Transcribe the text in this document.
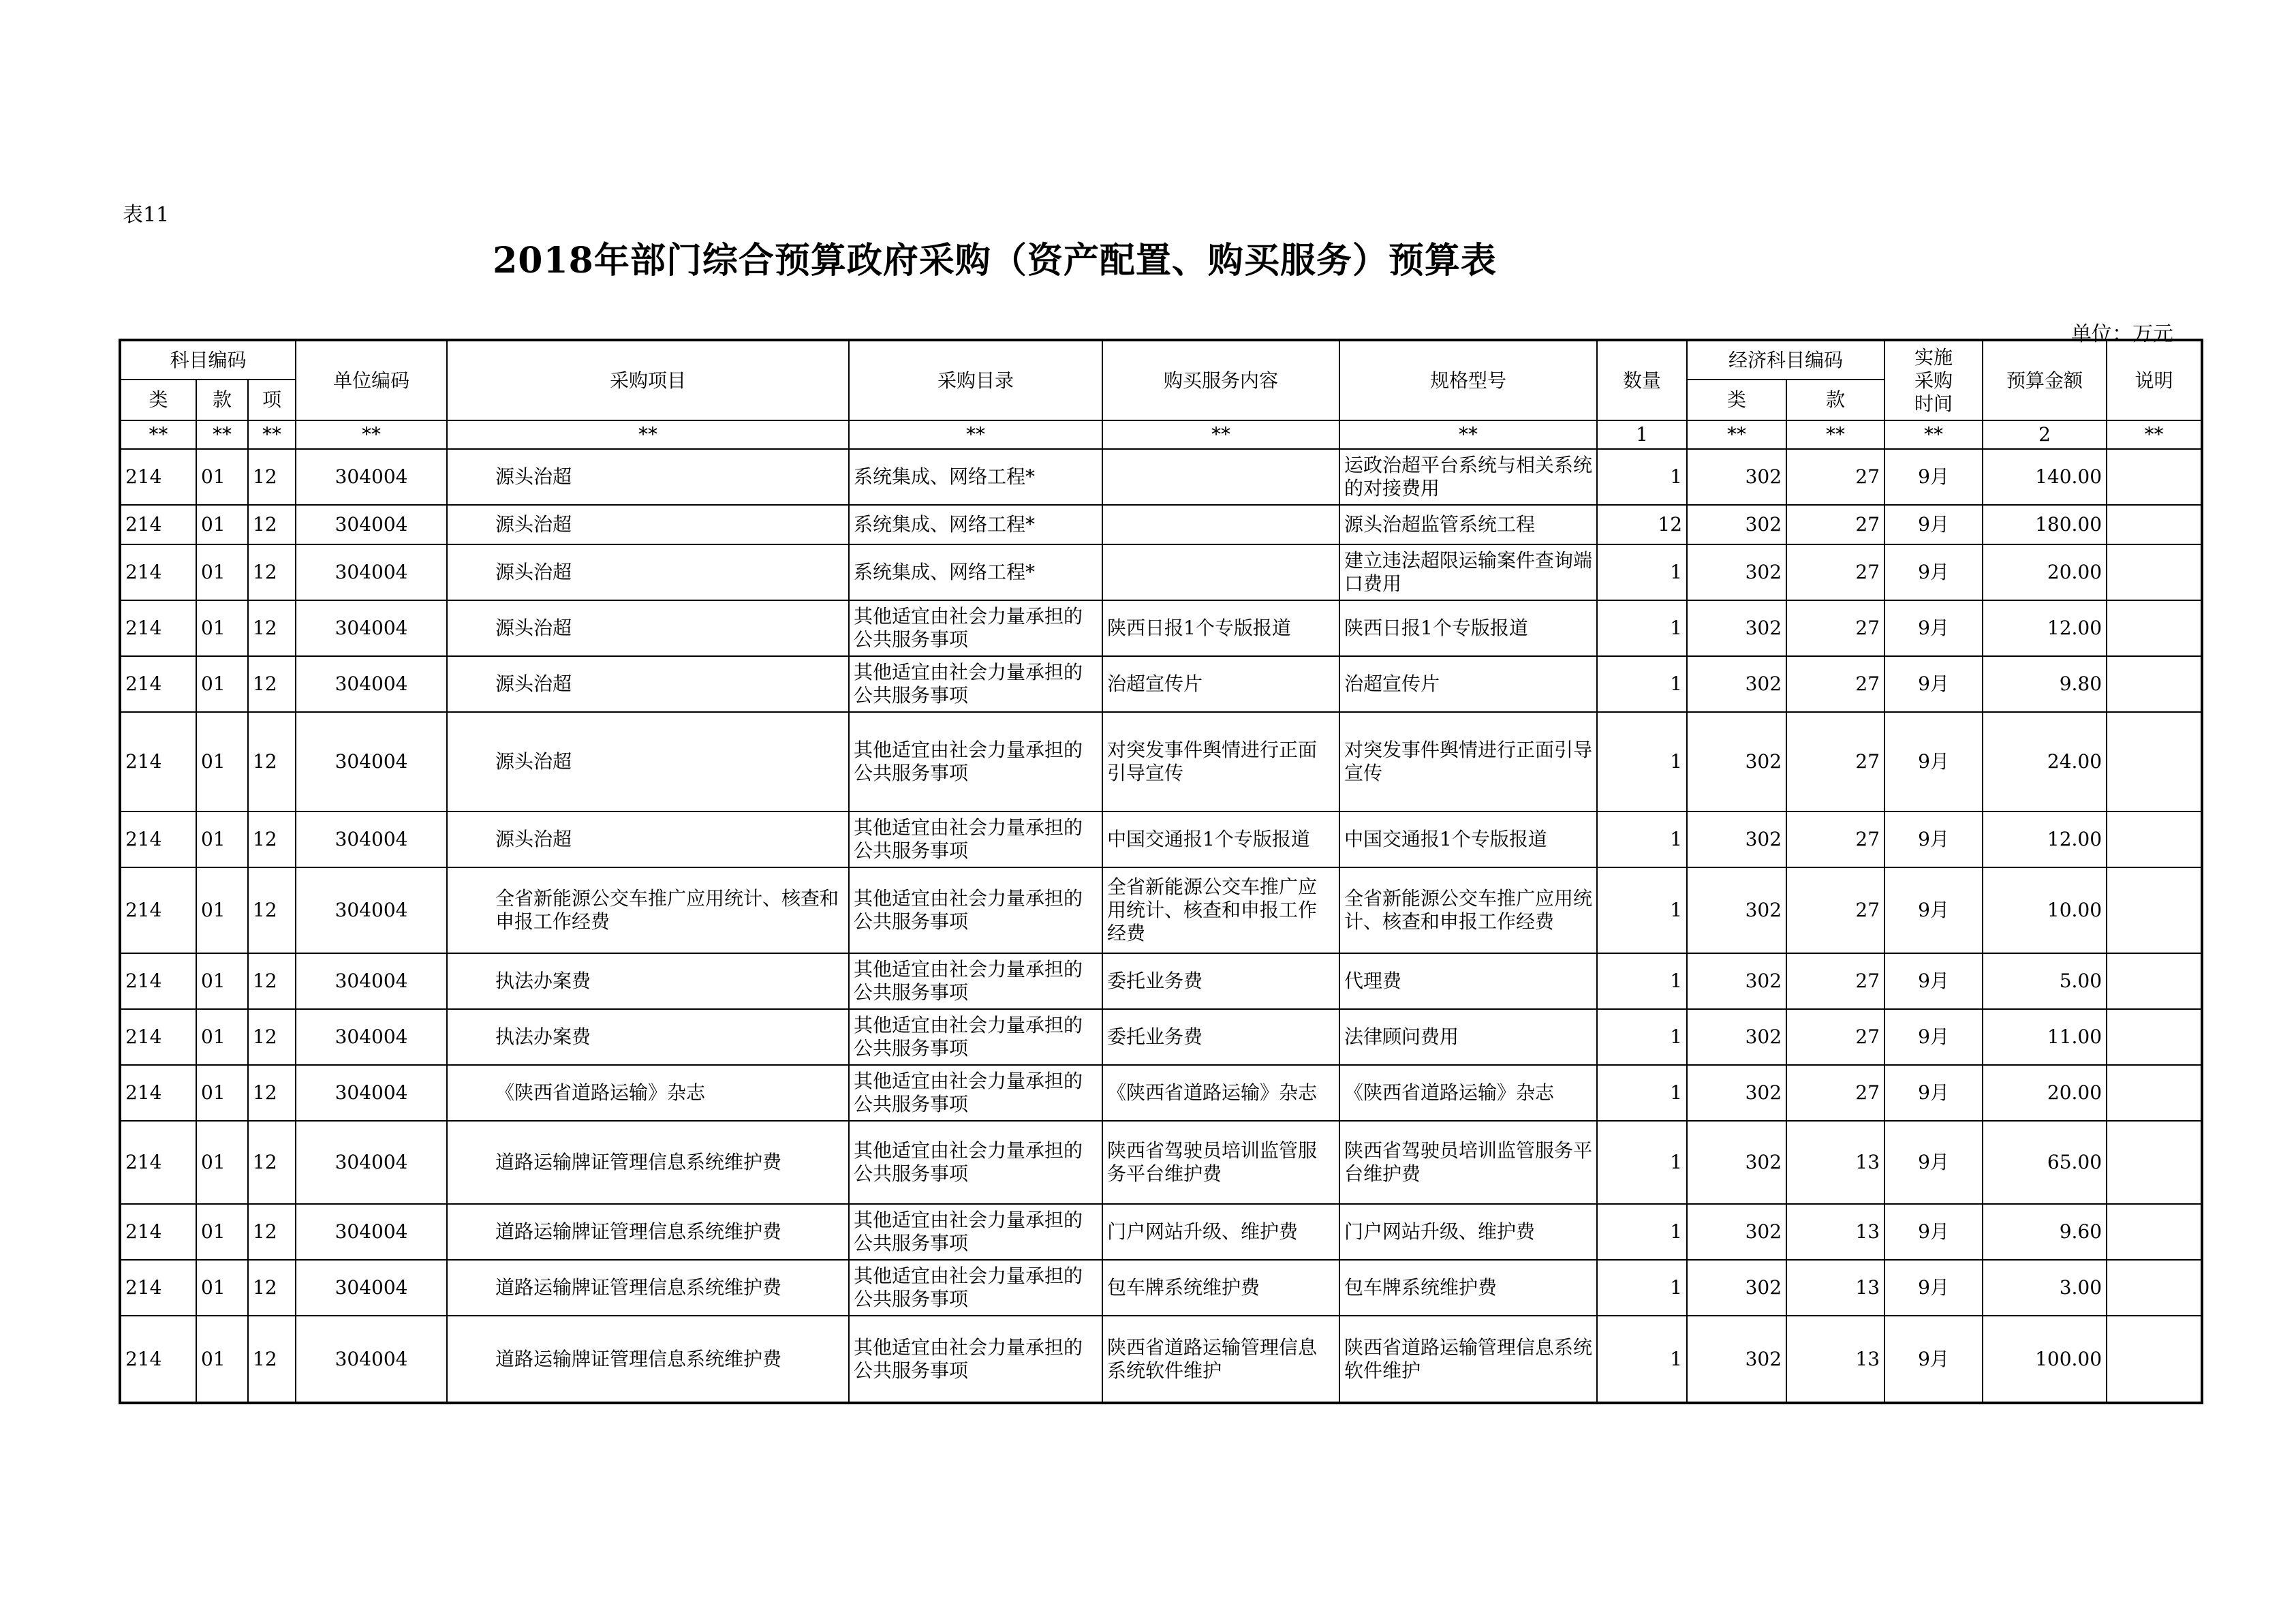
表11
2018年部门综合预算政府采购（资产配置、购买服务）预算表
单位：万元
科目编码			单位编码	采购项目	采购目录	购买服务内容	规格型号	数量	经济科目编码		实施采购时间	预算金额	说明
类	款	项							类	款			
**	**	**	**	**	**	**	**	1	**	**	**	2	**
214	01	12	304004	源头治超	系统集成、网络工程*		运政治超平台系统与相关系统的对接费用	1	302	27	9月	140.00	
214	01	12	304004	源头治超	系统集成、网络工程*		源头治超监管系统工程	12	302	27	9月	180.00	
214	01	12	304004	源头治超	系统集成、网络工程*		建立违法超限运输案件查询端口费用	1	302	27	9月	20.00	
214	01	12	304004	源头治超	其他适宜由社会力量承担的公共服务事项	陕西日报1个专版报道	陕西日报1个专版报道	1	302	27	9月	12.00	
214	01	12	304004	源头治超	其他适宜由社会力量承担的公共服务事项	治超宣传片	治超宣传片	1	302	27	9月	9.80	
214	01	12	304004	源头治超	其他适宜由社会力量承担的公共服务事项	对突发事件舆情进行正面引导宣传	对突发事件舆情进行正面引导宣传	1	302	27	9月	24.00	
214	01	12	304004	源头治超	其他适宜由社会力量承担的公共服务事项	中国交通报1个专版报道	中国交通报1个专版报道	1	302	27	9月	12.00	
214	01	12	304004	全省新能源公交车推广应用统计、核查和申报工作经费	其他适宜由社会力量承担的公共服务事项	全省新能源公交车推广应用统计、核查和申报工作经费	全省新能源公交车推广应用统计、核查和申报工作经费	1	302	27	9月	10.00	
214	01	12	304004	执法办案费	其他适宜由社会力量承担的公共服务事项	委托业务费	代理费	1	302	27	9月	5.00	
214	01	12	304004	执法办案费	其他适宜由社会力量承担的公共服务事项	委托业务费	法律顾问费用	1	302	27	9月	11.00	
214	01	12	304004	《陕西省道路运输》杂志	其他适宜由社会力量承担的公共服务事项	《陕西省道路运输》杂志	《陕西省道路运输》杂志	1	302	27	9月	20.00	
214	01	12	304004	道路运输牌证管理信息系统维护费	其他适宜由社会力量承担的公共服务事项	陕西省驾驶员培训监管服务平台维护费	陕西省驾驶员培训监管服务平台维护费	1	302	13	9月	65.00	
214	01	12	304004	道路运输牌证管理信息系统维护费	其他适宜由社会力量承担的公共服务事项	门户网站升级、维护费	门户网站升级、维护费	1	302	13	9月	9.60	
214	01	12	304004	道路运输牌证管理信息系统维护费	其他适宜由社会力量承担的公共服务事项	包车牌系统维护费	包车牌系统维护费	1	302	13	9月	3.00	
214	01	12	304004	道路运输牌证管理信息系统维护费	其他适宜由社会力量承担的公共服务事项	陕西省道路运输管理信息系统软件维护	陕西省道路运输管理信息系统软件维护	1	302	13	9月	100.00	
